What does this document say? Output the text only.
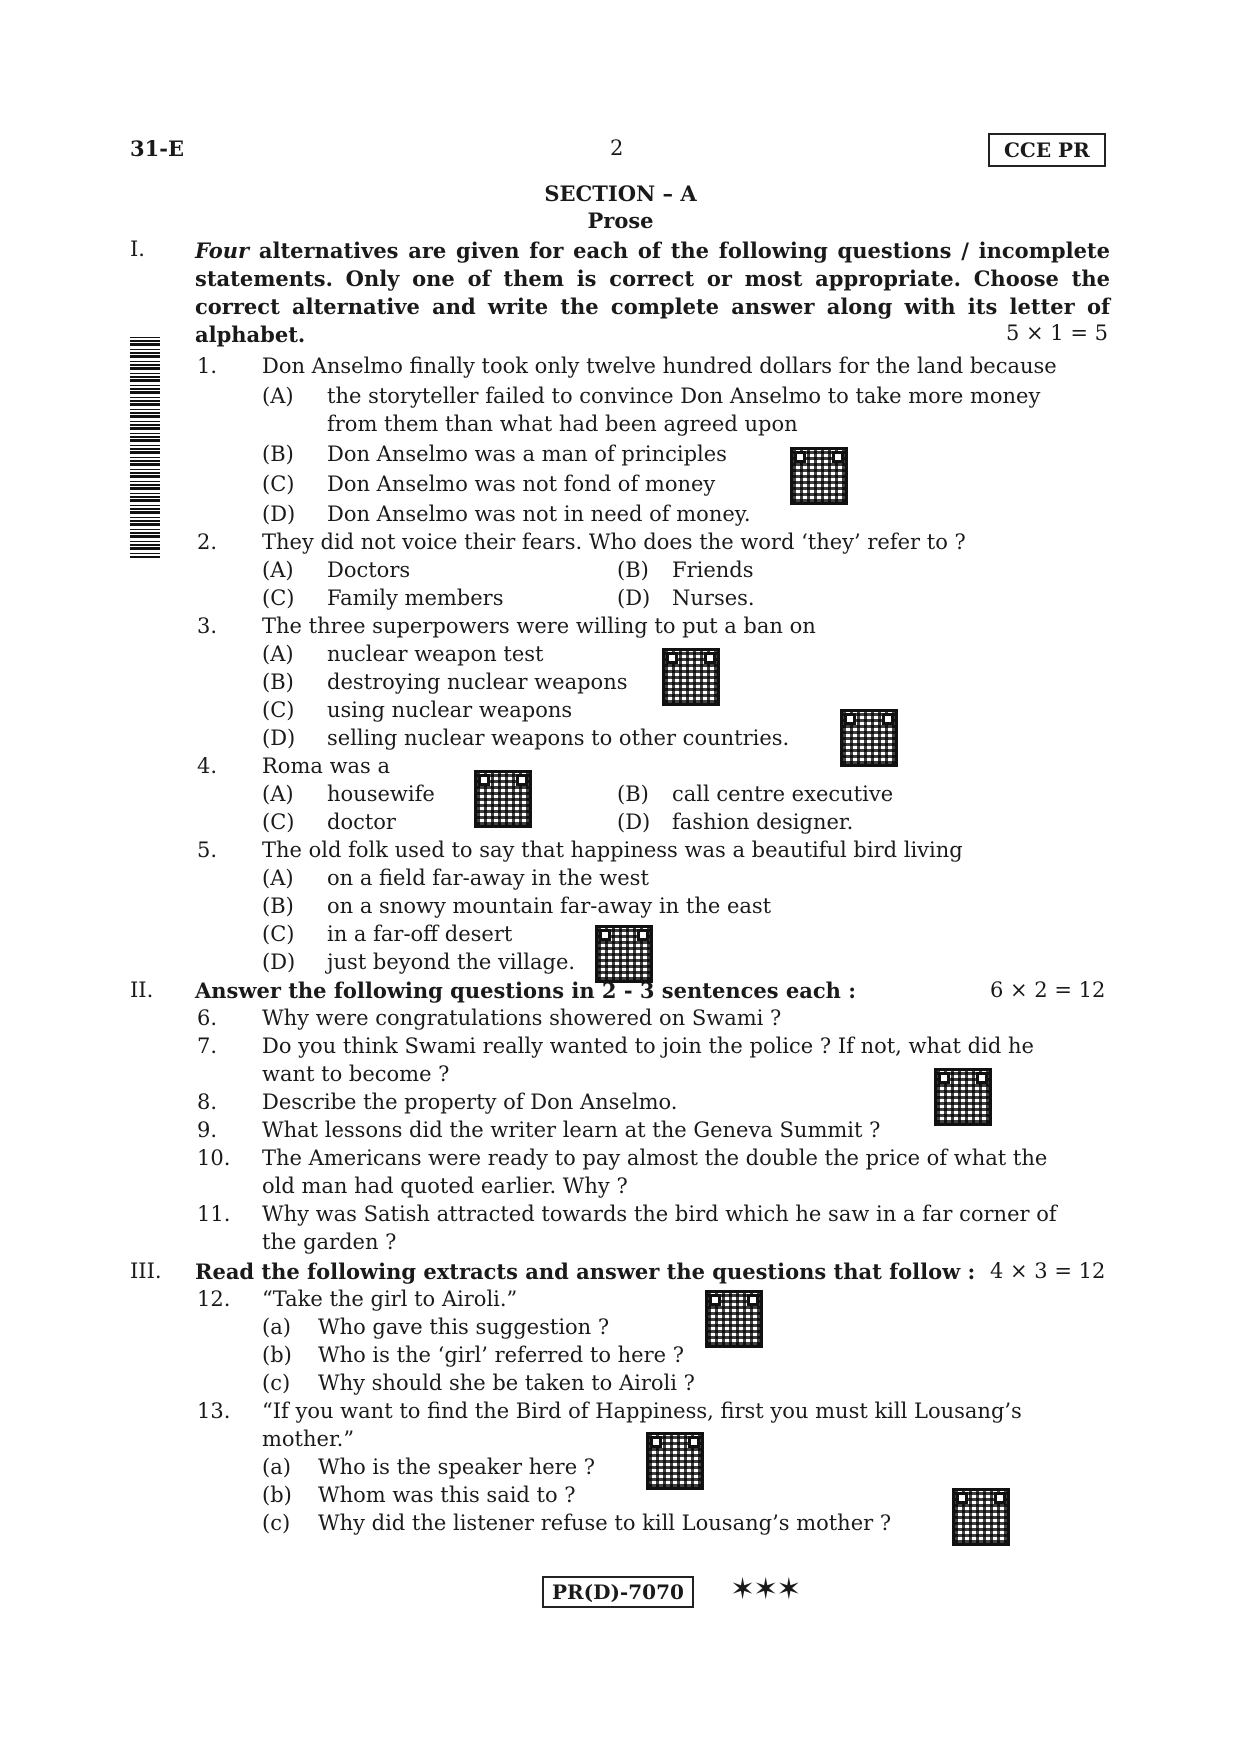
31-E	2	CCE PR
SECTION – A
Prose
I. Four alternatives are given for each of the following questions / incomplete statements. Only one of them is correct or most appropriate. Choose the correct alternative and write the complete answer along with its letter of alphabet.	5 × 1 = 5
1. Don Anselmo finally took only twelve hundred dollars for the land because
(A) the storyteller failed to convince Don Anselmo to take more money
from them than what had been agreed upon
(B) Don Anselmo was a man of principles
(C) Don Anselmo was not fond of money
(D) Don Anselmo was not in need of money.
2. They did not voice their fears. Who does the word ‘they’ refer to ?
(A) Doctors	(B) Friends
(C) Family members	(D) Nurses.
3. The three superpowers were willing to put a ban on
(A) nuclear weapon test
(B) destroying nuclear weapons
(C) using nuclear weapons
(D) selling nuclear weapons to other countries.
4. Roma was a
(A) housewife	(B) call centre executive
(C) doctor	(D) fashion designer.
5. The old folk used to say that happiness was a beautiful bird living
(A) on a field far-away in the west
(B) on a snowy mountain far-away in the east
(C) in a far-off desert
(D) just beyond the village.
II. Answer the following questions in 2 - 3 sentences each :	6 × 2 = 12
6. Why were congratulations showered on Swami ?
7. Do you think Swami really wanted to join the police ? If not, what did he
want to become ?
8. Describe the property of Don Anselmo.
9. What lessons did the writer learn at the Geneva Summit ?
10. The Americans were ready to pay almost the double the price of what the
old man had quoted earlier. Why ?
11. Why was Satish attracted towards the bird which he saw in a far corner of
the garden ?
III. Read the following extracts and answer the questions that follow : 4 × 3 = 12
12. “Take the girl to Airoli.”
(a) Who gave this suggestion ?
(b) Who is the ‘girl’ referred to here ?
(c) Why should she be taken to Airoli ?
13. “If you want to find the Bird of Happiness, first you must kill Lousang’s
mother.”
(a) Who is the speaker here ?
(b) Whom was this said to ?
(c) Why did the listener refuse to kill Lousang’s mother ?
PR(D)-7070	✶✶✶
